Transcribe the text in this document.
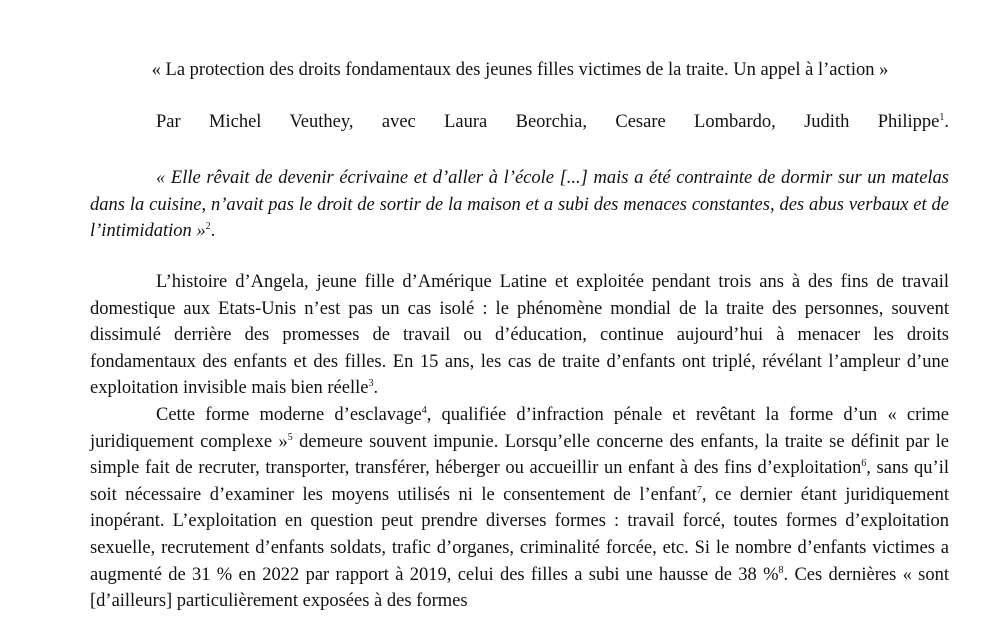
« La protection des droits fondamentaux des jeunes filles victimes de la traite. Un appel à l’action »
Par Michel Veuthey, avec Laura Beorchia, Cesare Lombardo, Judith Philippe$^1$.
« Elle rêvait de devenir écrivaine et d’aller à l’école [...] mais a été contrainte de dormir sur un matelas dans la cuisine, n’avait pas le droit de sortir de la maison et a subi des menaces constantes, des abus verbaux et de l’intimidation »$^2$.
L’histoire d’Angela, jeune fille d’Amérique Latine et exploitée pendant trois ans à des fins de travail domestique aux Etats-Unis n’est pas un cas isolé : le phénomène mondial de la traite des personnes, souvent dissimulé derrière des promesses de travail ou d’éducation, continue aujourd’hui à menacer les droits fondamentaux des enfants et des filles. En 15 ans, les cas de traite d’enfants ont triplé, révélant l’ampleur d’une exploitation invisible mais bien réelle$^3$.
Cette forme moderne d’esclavage$^4$, qualifiée d’infraction pénale et revêtant la forme d’un « crime juridiquement complexe »$^5$ demeure souvent impunie. Lorsqu’elle concerne des enfants, la traite se définit par le simple fait de recruter, transporter, transférer, héberger ou accueillir un enfant à des fins d’exploitation$^6$, sans qu’il soit nécessaire d’examiner les moyens utilisés ni le consentement de l’enfant$^7$, ce dernier étant juridiquement inopérant. L’exploitation en question peut prendre diverses formes : travail forcé, toutes formes d’exploitation sexuelle, recrutement d’enfants soldats, trafic d’organes, criminalité forcée, etc. Si le nombre d’enfants victimes a augmenté de 31 % en 2022 par rapport à 2019, celui des filles a subi une hausse de 38 %$^8$. Ces dernières « sont [d’ailleurs] particulièrement exposées à des formes
